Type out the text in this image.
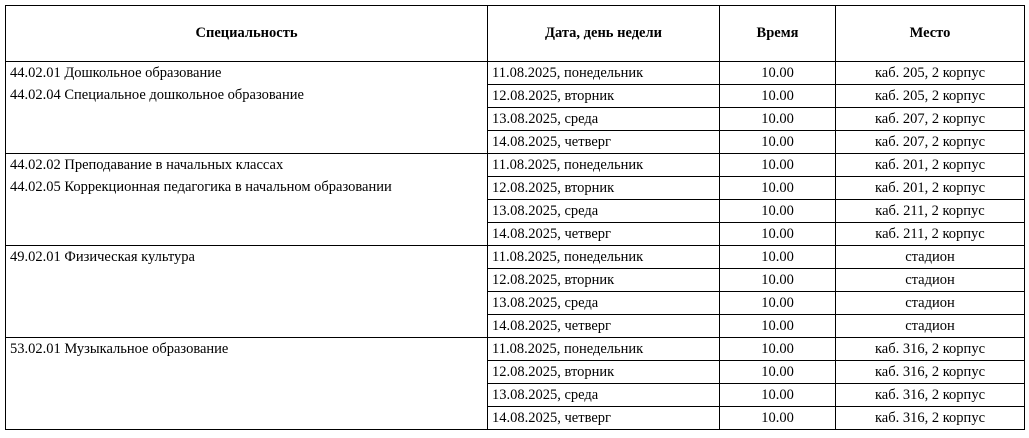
Специальность	Дата, день недели	Время	Место

44.02.01 Дошкольное образование
44.02.04 Специальное дошкольное образование	11.08.2025, понедельник	10.00	каб. 205, 2 корпус
	12.08.2025, вторник	10.00	каб. 205, 2 корпус
	13.08.2025, среда	10.00	каб. 207, 2 корпус
	14.08.2025, четверг	10.00	каб. 207, 2 корпус

44.02.02 Преподавание в начальных классах
44.02.05 Коррекционная педагогика в начальном образовании	11.08.2025, понедельник	10.00	каб. 201, 2 корпус
	12.08.2025, вторник	10.00	каб. 201, 2 корпус
	13.08.2025, среда	10.00	каб. 211, 2 корпус
	14.08.2025, четверг	10.00	каб. 211, 2 корпус

49.02.01 Физическая культура	11.08.2025, понедельник	10.00	стадион
	12.08.2025, вторник	10.00	стадион
	13.08.2025, среда	10.00	стадион
	14.08.2025, четверг	10.00	стадион

53.02.01 Музыкальное образование	11.08.2025, понедельник	10.00	каб. 316, 2 корпус
	12.08.2025, вторник	10.00	каб. 316, 2 корпус
	13.08.2025, среда	10.00	каб. 316, 2 корпус
	14.08.2025, четверг	10.00	каб. 316, 2 корпус
